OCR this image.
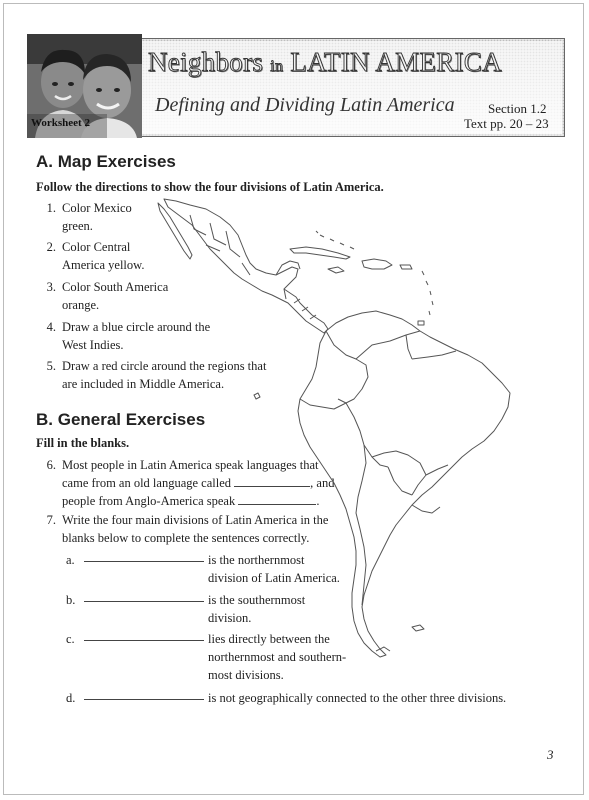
Worksheet 2
Neighbors in LATIN AMERICA
Defining and Dividing Latin America	Section 1.2
Text pp. 20 – 23
A. Map Exercises
Follow the directions to show the four divisions of Latin America.
1. Color Mexico
green.
2. Color Central
America yellow.
3. Color South America
orange.
4. Draw a blue circle around the
West Indies.
5. Draw a red circle around the regions that
are included in Middle America.
B. General Exercises
Fill in the blanks.
6. Most people in Latin America speak languages that
came from an old language called	, and
people from Anglo-America speak	.
7. Write the four main divisions of Latin America in the
blanks below to complete the sentences correctly.
a.	is the northernmost
division of Latin America.
b.	is the southernmost
division.
c.	lies directly between the
northernmost and southern-
most divisions.
d.	is not geographically connected to the other three divisions.
3
